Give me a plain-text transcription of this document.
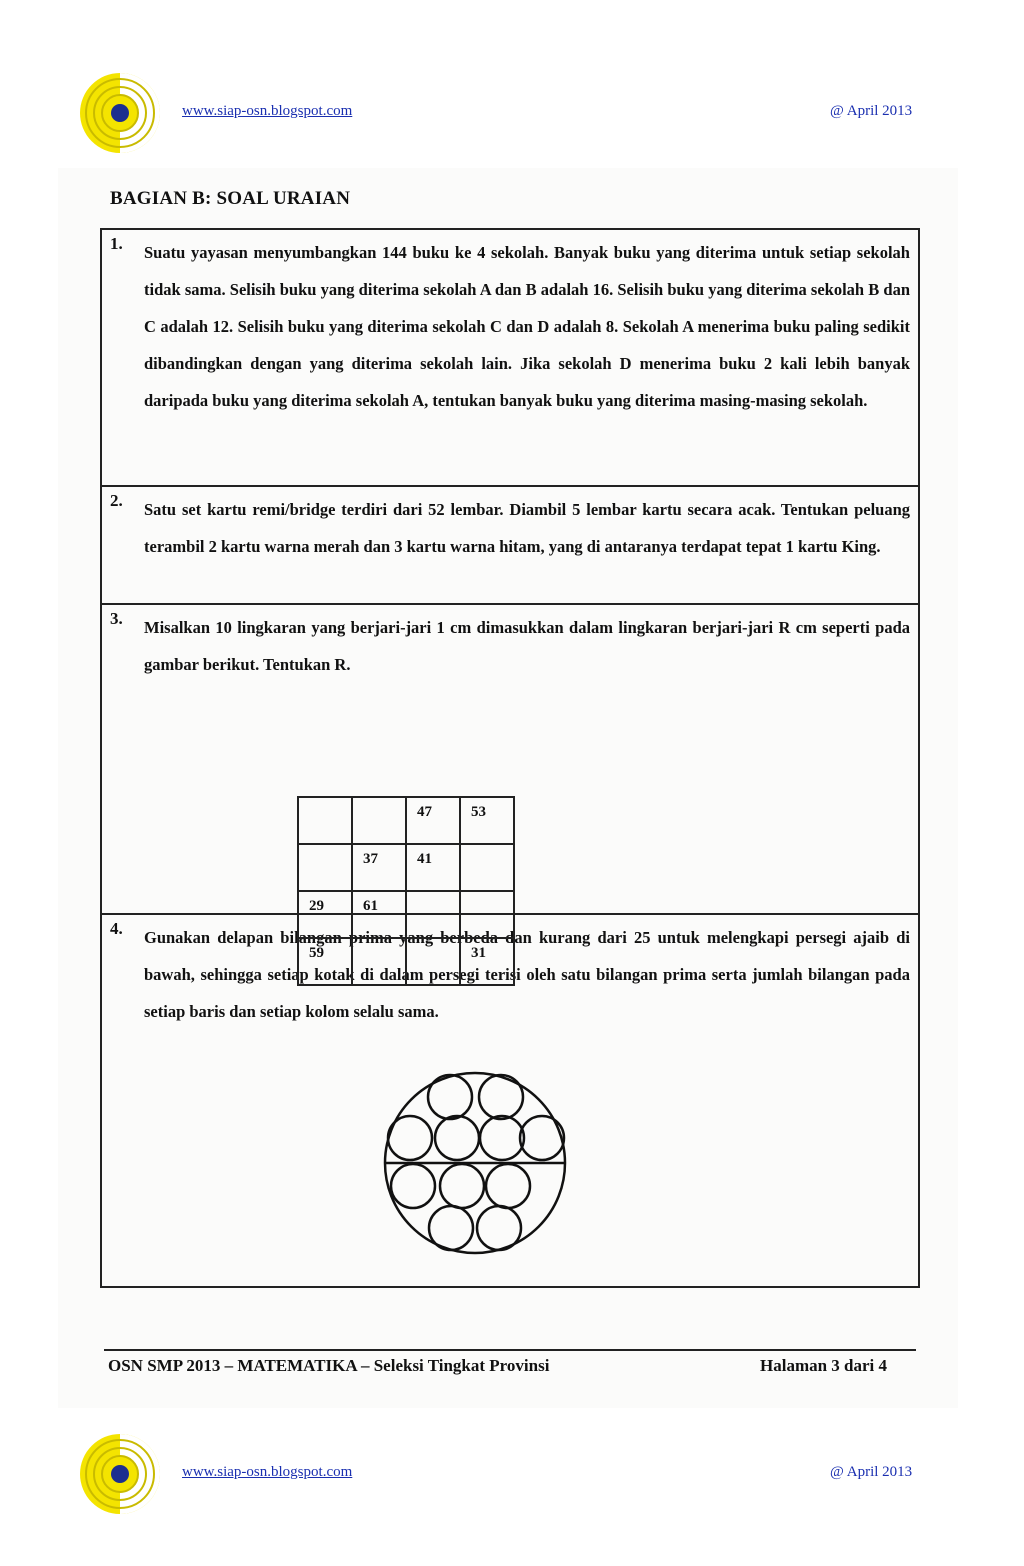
www.siap-osn.blogspot.com	@ April 2013
BAGIAN B: SOAL URAIAN
1. Suatu yayasan menyumbangkan 144 buku ke 4 sekolah. Banyak buku yang diterima untuk setiap sekolah tidak sama. Selisih buku yang diterima sekolah A dan B adalah 16. Selisih buku yang diterima sekolah B dan C adalah 12. Selisih buku yang diterima sekolah C dan D adalah 8. Sekolah A menerima buku paling sedikit dibandingkan dengan yang diterima sekolah lain. Jika sekolah D menerima buku 2 kali lebih banyak daripada buku yang diterima sekolah A, tentukan banyak buku yang diterima masing-masing sekolah.
2. Satu set kartu remi/bridge terdiri dari 52 lembar. Diambil 5 lembar kartu secara acak. Tentukan peluang terambil 2 kartu warna merah dan 3 kartu warna hitam, yang di antaranya terdapat tepat 1 kartu King.
3. Misalkan 10 lingkaran yang berjari-jari 1 cm dimasukkan dalam lingkaran berjari-jari R cm seperti pada gambar berikut. Tentukan R.
4. Gunakan delapan bilangan prima yang berbeda dan kurang dari 25 untuk melengkapi persegi ajaib di bawah, sehingga setiap kotak di dalam persegi terisi oleh satu bilangan prima serta jumlah bilangan pada setiap baris dan setiap kolom selalu sama.
		47	53
	37	41	
29	61		
59			31
OSN SMP 2013 – MATEMATIKA – Seleksi Tingkat Provinsi	Halaman 3 dari 4
www.siap-osn.blogspot.com	@ April 2013
